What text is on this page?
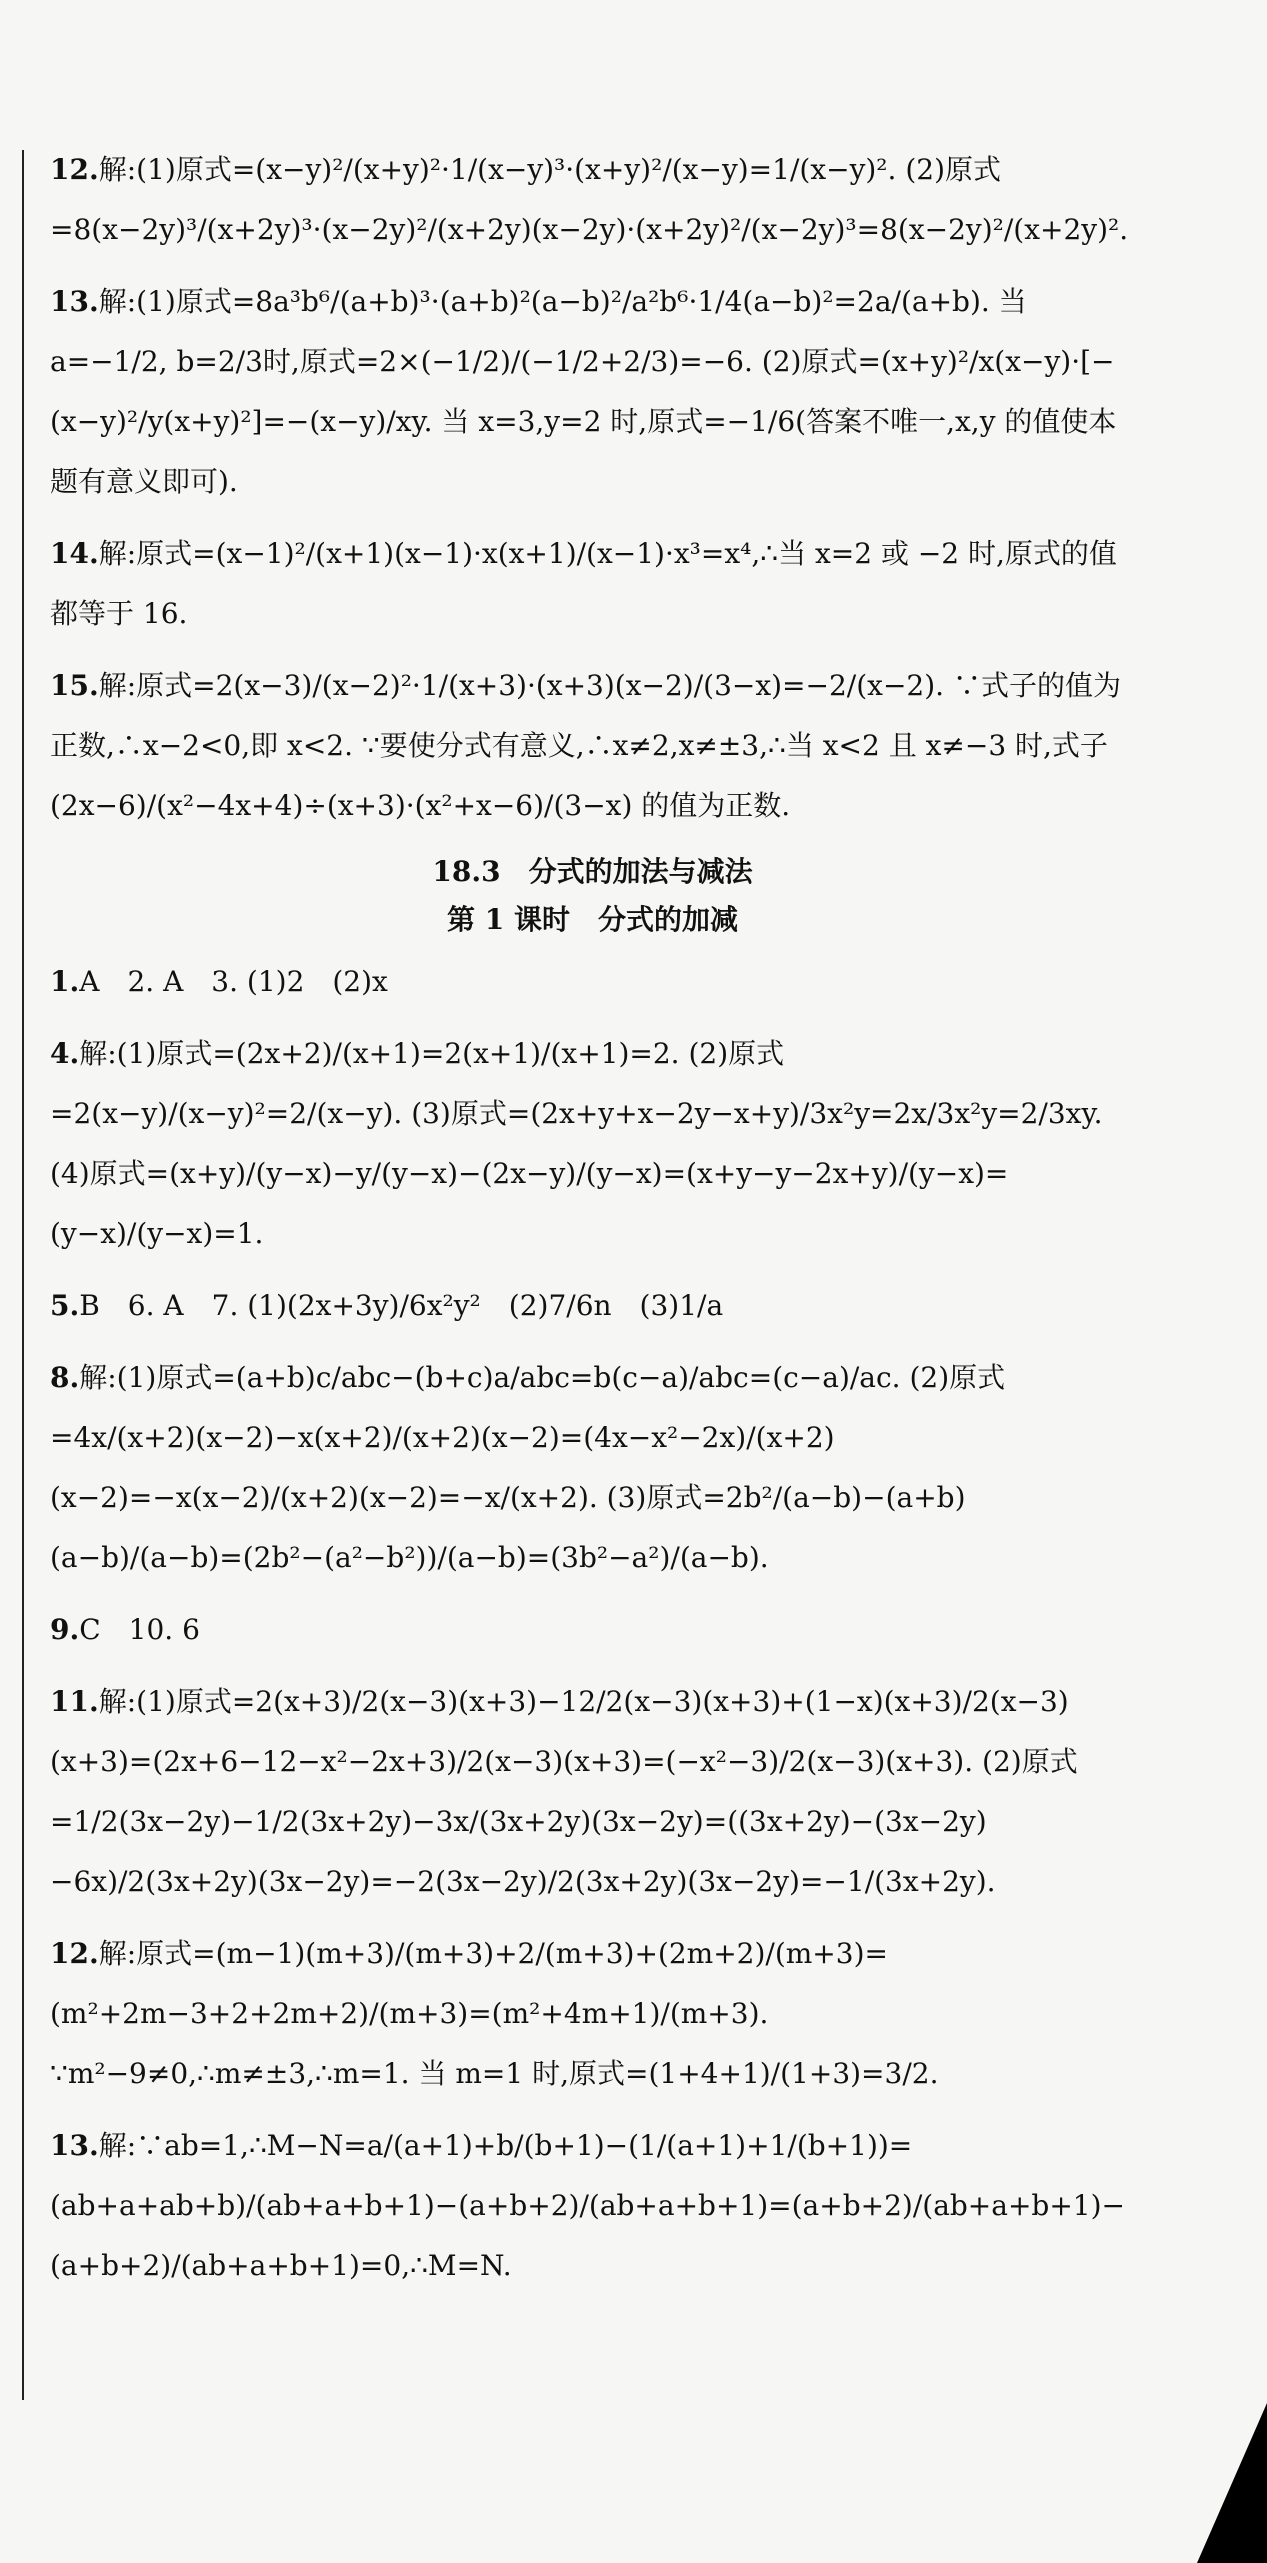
12.解:(1)原式=(x−y)²/(x+y)²·1/(x−y)³·(x+y)²/(x−y)=1/(x−y)². (2)原式=8(x−2y)³/(x+2y)³·(x−2y)²/(x+2y)(x−2y)·(x+2y)²/(x−2y)³=8(x−2y)²/(x+2y)².

13.解:(1)原式=8a³b⁶/(a+b)³·(a+b)²(a−b)²/a²b⁶·1/4(a−b)²=2a/(a+b). 当 a=−1/2, b=2/3时,原式=2×(−1/2)/(−1/2+2/3)=−6. (2)原式=(x+y)²/x(x−y)·[−(x−y)²/y(x+y)²]=−(x−y)/xy. 当 x=3,y=2 时,原式=−1/6(答案不唯一,x,y 的值使本题有意义即可).

14.解:原式=(x−1)²/(x+1)(x−1)·x(x+1)/(x−1)·x³=x⁴,∴当 x=2 或 −2 时,原式的值都等于 16.

15.解:原式=2(x−3)/(x−2)²·1/(x+3)·(x+3)(x−2)/(3−x)=−2/(x−2). ∵式子的值为正数,∴x−2<0,即 x<2. ∵要使分式有意义,∴x≠2,x≠±3,∴当 x<2 且 x≠−3 时,式子 (2x−6)/(x²−4x+4)÷(x+3)·(x²+x−6)/(3−x) 的值为正数.

18.3　分式的加法与减法
第 1 课时　分式的加减

1.A　2. A　3. (1)2　(2)x

4.解:(1)原式=(2x+2)/(x+1)=2(x+1)/(x+1)=2. (2)原式=2(x−y)/(x−y)²=2/(x−y). (3)原式=(2x+y+x−2y−x+y)/3x²y=2x/3x²y=2/3xy. (4)原式=(x+y)/(y−x)−y/(y−x)−(2x−y)/(y−x)=(x+y−y−2x+y)/(y−x)=(y−x)/(y−x)=1.

5.B　6. A　7. (1)(2x+3y)/6x²y²　(2)7/6n　(3)1/a

8.解:(1)原式=(a+b)c/abc−(b+c)a/abc=b(c−a)/abc=(c−a)/ac. (2)原式=4x/(x+2)(x−2)−x(x+2)/(x+2)(x−2)=(4x−x²−2x)/(x+2)(x−2)=−x(x−2)/(x+2)(x−2)=−x/(x+2). (3)原式=2b²/(a−b)−(a+b)(a−b)/(a−b)=(2b²−(a²−b²))/(a−b)=(3b²−a²)/(a−b).

9.C　10. 6

11.解:(1)原式=2(x+3)/2(x−3)(x+3)−12/2(x−3)(x+3)+(1−x)(x+3)/2(x−3)(x+3)=(2x+6−12−x²−2x+3)/2(x−3)(x+3)=(−x²−3)/2(x−3)(x+3). (2)原式=1/2(3x−2y)−1/2(3x+2y)−3x/(3x+2y)(3x−2y)=((3x+2y)−(3x−2y)−6x)/2(3x+2y)(3x−2y)=−2(3x−2y)/2(3x+2y)(3x−2y)=−1/(3x+2y).

12.解:原式=(m−1)(m+3)/(m+3)+2/(m+3)+(2m+2)/(m+3)=(m²+2m−3+2+2m+2)/(m+3)=(m²+4m+1)/(m+3). ∵m²−9≠0,∴m≠±3,∴m=1. 当 m=1 时,原式=(1+4+1)/(1+3)=3/2.

13.解:∵ab=1,∴M−N=a/(a+1)+b/(b+1)−(1/(a+1)+1/(b+1))=(ab+a+ab+b)/(ab+a+b+1)−(a+b+2)/(ab+a+b+1)=(a+b+2)/(ab+a+b+1)−(a+b+2)/(ab+a+b+1)=0,∴M=N.
